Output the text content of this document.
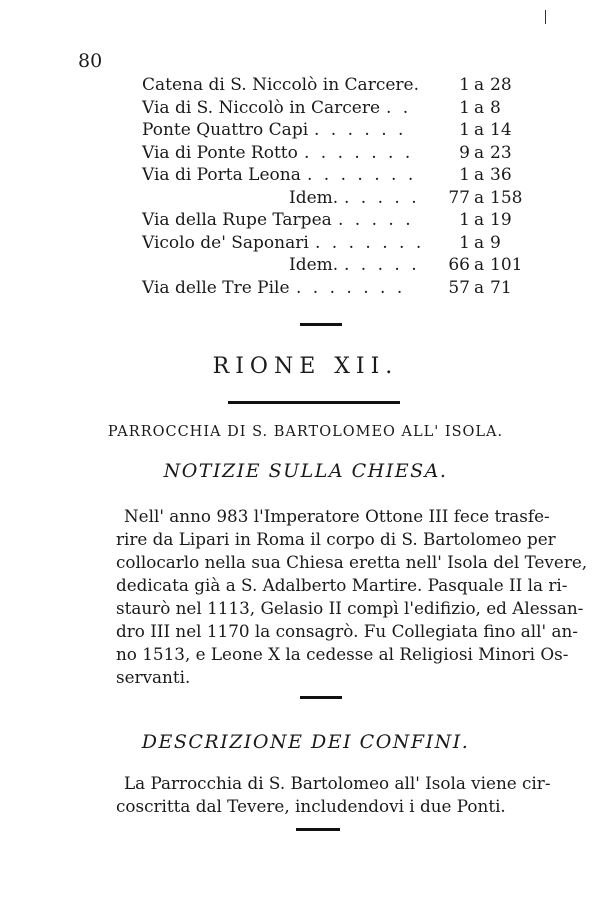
80
Catena di S. Niccolò in Carcere. 1 a 28
Via di S. Niccolò in Carcere . .	1 a 8
Ponte Quattro Capi . . . . . .	1 a 14
Via di Ponte Rotto . . . . . . .	9 a 23
Via di Porta Leona . . . . . . .	1 a 36
Idem. . . . . . 77 a 158
Via della Rupe Tarpea . . . . .	1 a 19
Vicolo de' Saponari . . . . . . . 1 a 9
Idem. . . . . . 66 a 101
Via delle Tre Pile . . . . . . .	57 a 71
RIONE XII.
PARROCCHIA DI S. BARTOLOMEO ALL' ISOLA.
NOTIZIE SULLA CHIESA.
Nell' anno 983 l'Imperatore Ottone III fece trasfe-
rire da Lipari in Roma il corpo di S. Bartolomeo per
collocarlo nella sua Chiesa eretta nell' Isola del Tevere,
dedicata già a S. Adalberto Martire. Pasquale II la ri-
staurò nel 1113, Gelasio II compì l'edifizio, ed Alessan-
dro III nel 1170 la consagrò. Fu Collegiata fino all' an-
no 1513, e Leone X la cedesse al Religiosi Minori Os-
servanti.
DESCRIZIONE DEI CONFINI.
La Parrocchia di S. Bartolomeo all' Isola viene cir-
coscritta dal Tevere, includendovi i due Ponti.
